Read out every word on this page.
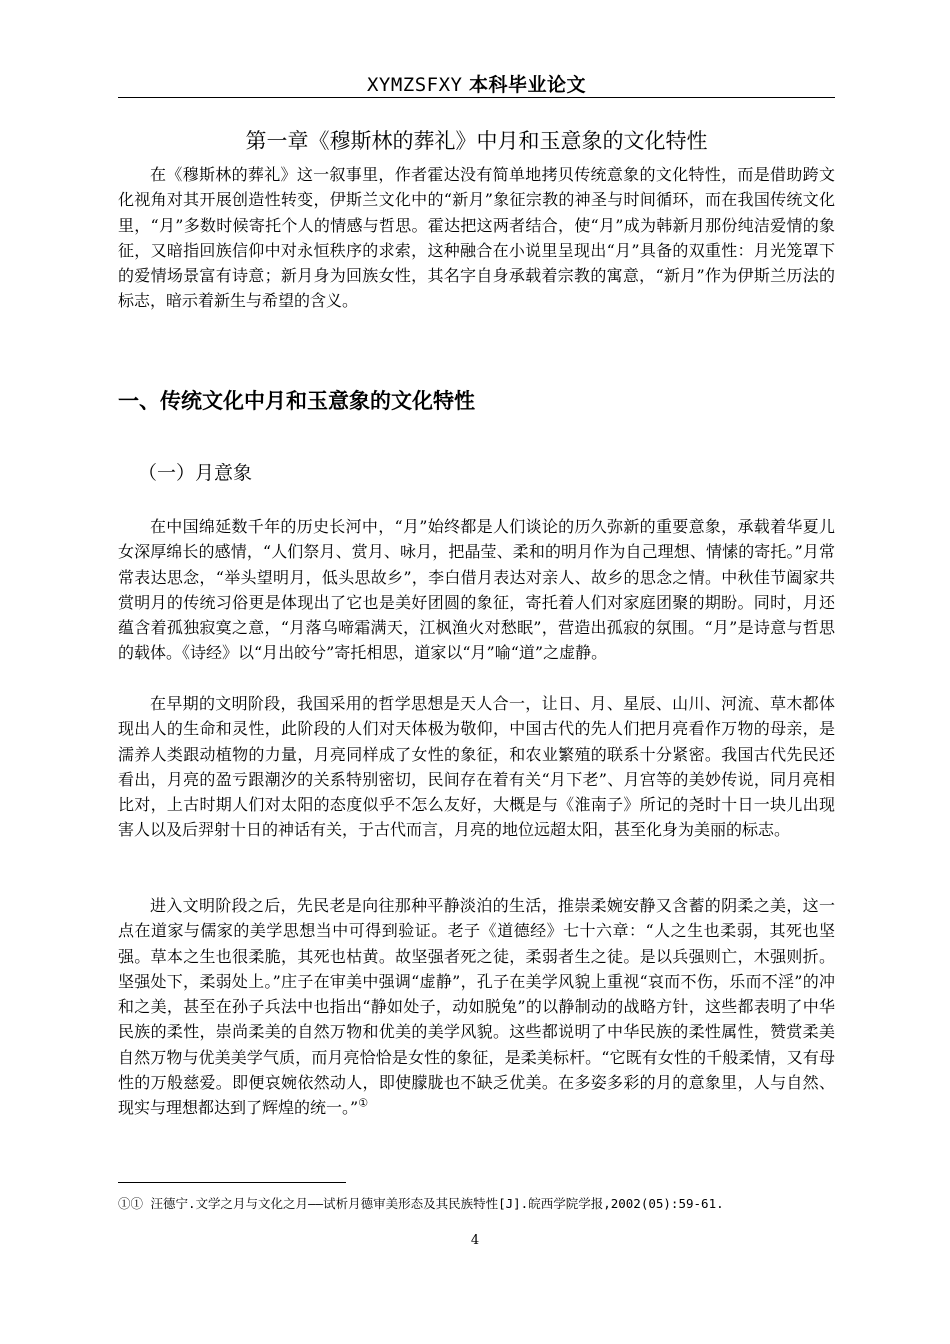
XYMZSFXY 本科毕业论文
第一章《穆斯林的葬礼》中月和玉意象的文化特性

在《穆斯林的葬礼》这一叙事里，作者霍达没有简单地拷贝传统意象的文化特性，而是借助跨文化视角对其开展创造性转变，伊斯兰文化中的“新月”象征宗教的神圣与时间循环，而在我国传统文化里，“月”多数时候寄托个人的情感与哲思。霍达把这两者结合，使“月”成为韩新月那份纯洁爱情的象征，又暗指回族信仰中对永恒秩序的求索，这种融合在小说里呈现出“月”具备的双重性：月光笼罩下的爱情场景富有诗意；新月身为回族女性，其名字自身承载着宗教的寓意，“新月”作为伊斯兰历法的标志，暗示着新生与希望的含义。

一、传统文化中月和玉意象的文化特性
（一）月意象

在中国绵延数千年的历史长河中，“月”始终都是人们谈论的历久弥新的重要意象，承载着华夏儿女深厚绵长的感情，“人们祭月、赏月、咏月，把晶莹、柔和的明月作为自己理想、情愫的寄托。”月常常表达思念，“举头望明月，低头思故乡”，李白借月表达对亲人、故乡的思念之情。中秋佳节阖家共赏明月的传统习俗更是体现出了它也是美好团圆的象征，寄托着人们对家庭团聚的期盼。同时，月还蕴含着孤独寂寞之意，“月落乌啼霜满天，江枫渔火对愁眠”，营造出孤寂的氛围。“月”是诗意与哲思的载体。《诗经》以“月出皎兮”寄托相思，道家以“月”喻“道”之虚静。

在早期的文明阶段，我国采用的哲学思想是天人合一，让日、月、星辰、山川、河流、草木都体现出人的生命和灵性，此阶段的人们对天体极为敬仰，中国古代的先人们把月亮看作万物的母亲，是濡养人类跟动植物的力量，月亮同样成了女性的象征，和农业繁殖的联系十分紧密。我国古代先民还看出，月亮的盈亏跟潮汐的关系特别密切，民间存在着有关“月下老”、月宫等的美妙传说，同月亮相比对，上古时期人们对太阳的态度似乎不怎么友好，大概是与《淮南子》所记的尧时十日一块儿出现害人以及后羿射十日的神话有关，于古代而言，月亮的地位远超太阳，甚至化身为美丽的标志。

进入文明阶段之后，先民老是向往那种平静淡泊的生活，推崇柔婉安静又含蓄的阴柔之美，这一点在道家与儒家的美学思想当中可得到验证。老子《道德经》七十六章：“人之生也柔弱，其死也坚强。草本之生也很柔脆，其死也枯黄。故坚强者死之徒，柔弱者生之徒。是以兵强则亡，木强则折。坚强处下，柔弱处上。”庄子在审美中强调“虚静”，孔子在美学风貌上重视“哀而不伤，乐而不淫”的冲和之美，甚至在孙子兵法中也指出“静如处子，动如脱兔”的以静制动的战略方针，这些都表明了中华民族的柔性，崇尚柔美的自然万物和优美的美学风貌。这些都说明了中华民族的柔性属性，赞赏柔美自然万物与优美美学气质，而月亮恰恰是女性的象征，是柔美标杆。“它既有女性的千般柔情，又有母性的万般慈爱。即便哀婉依然动人，即使朦胧也不缺乏优美。在多姿多彩的月的意象里，人与自然、现实与理想都达到了辉煌的统一。”①

①① 汪德宁.文学之月与文化之月——试析月德审美形态及其民族特性[J].皖西学院学报,2002(05):59-61.
4
